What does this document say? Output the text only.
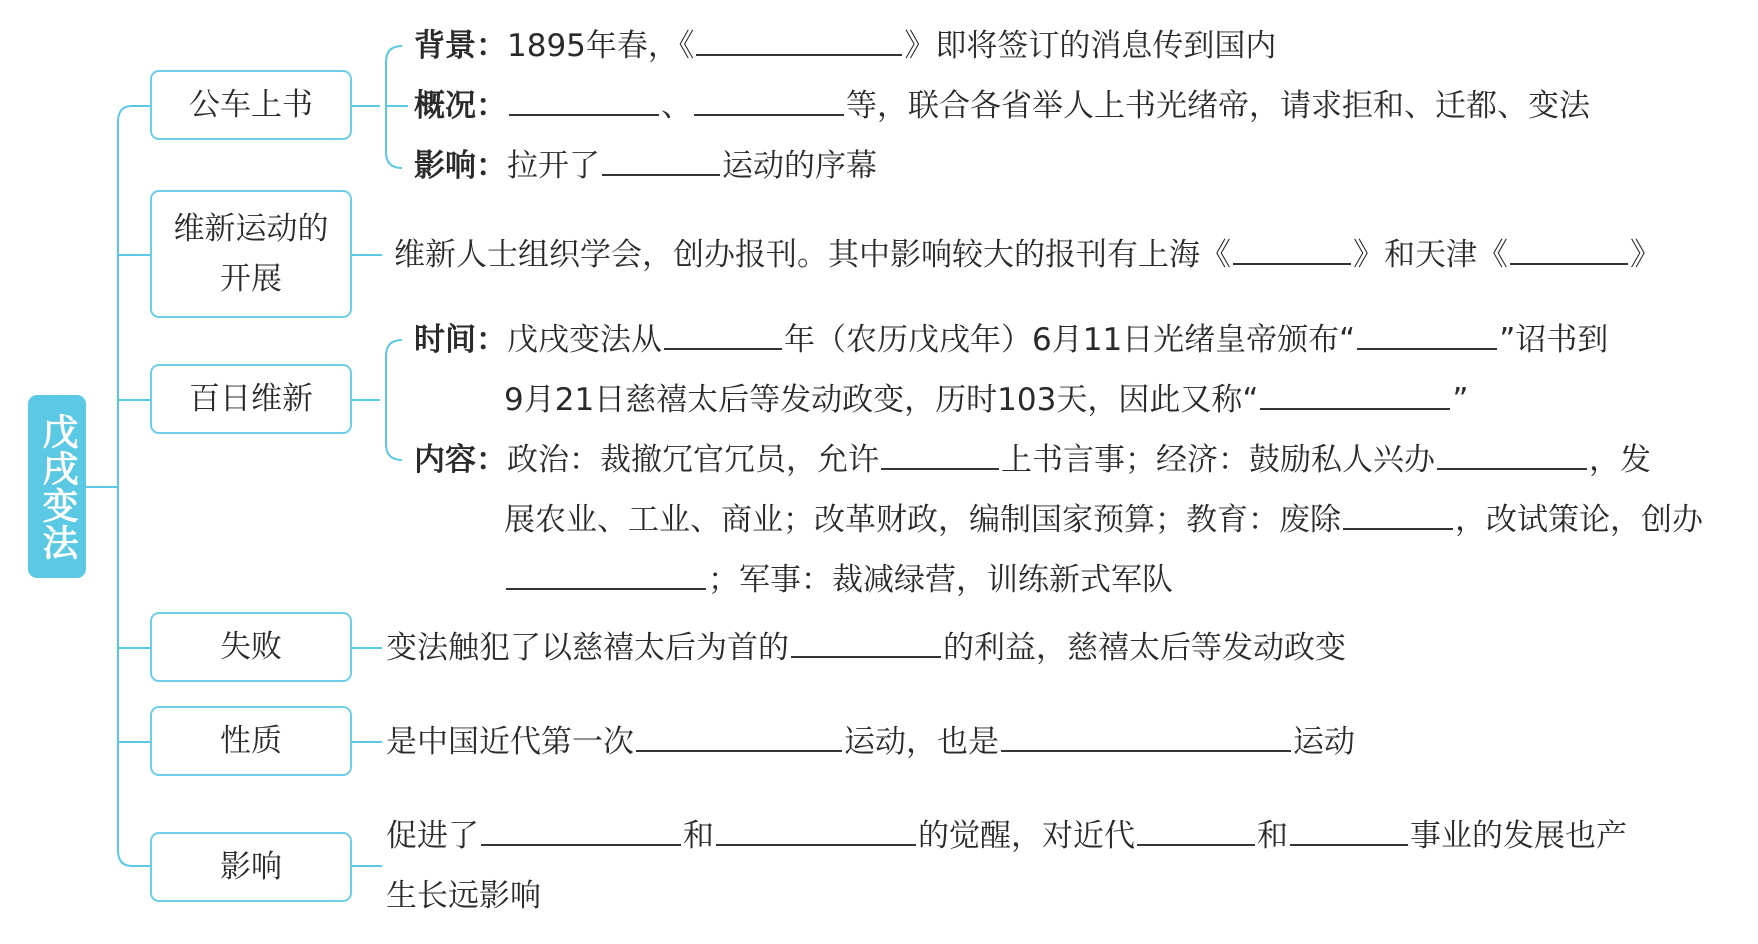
戊戌变法
公车上书
维新运动的
开展
百日维新
失败
性质
影响
背景：1895年春，《	》即将签订的消息传到国内
概况：	、	等，联合各省举人上书光绪帝，请求拒和、迁都、变法
影响：拉开了	运动的序幕
维新人士组织学会，创办报刊。其中影响较大的报刊有上海《	》和天津《	》
时间：戊戌变法从	年（农历戊戌年）6月11日光绪皇帝颁布“	”诏书到
9月21日慈禧太后等发动政变，历时103天，因此又称“	”
内容：政治：裁撤冗官冗员，允许	上书言事；经济：鼓励私人兴办	，发
展农业、工业、商业；改革财政，编制国家预算；教育：废除	，改试策论，创办
；军事：裁减绿营，训练新式军队
变法触犯了以慈禧太后为首的	的利益，慈禧太后等发动政变
是中国近代第一次	运动，也是	运动
促进了	和	的觉醒，对近代	和	事业的发展也产
生长远影响
